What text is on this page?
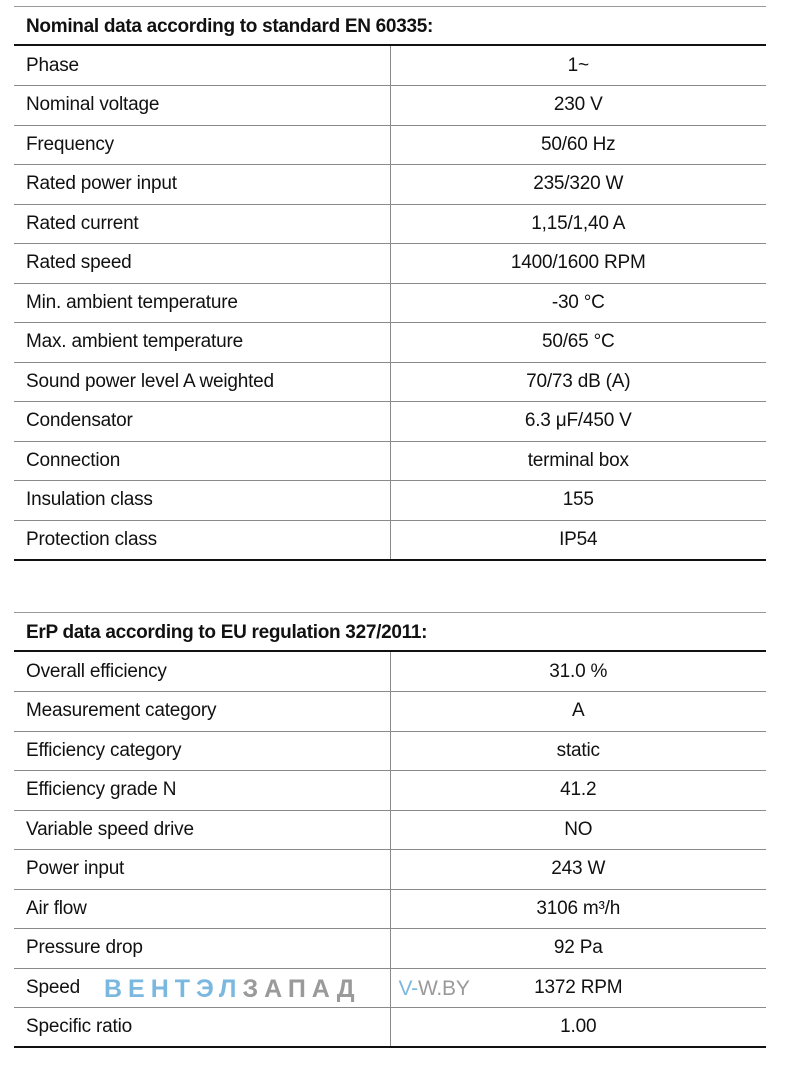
Nominal data according to standard EN 60335:
Phase	1~
Nominal voltage	230 V
Frequency	50/60 Hz
Rated power input	235/320 W
Rated current	1,15/1,40 A
Rated speed	1400/1600 RPM
Min. ambient temperature	-30 °C
Max. ambient temperature	50/65 °C
Sound power level A weighted	70/73 dB (A)
Condensator	6.3 μF/450 V
Connection	terminal box
Insulation class	155
Protection class	IP54
ErP data according to EU regulation 327/2011:
Overall efficiency	31.0 %
Measurement category	A
Efficiency category	static
Efficiency grade N	41.2
Variable speed drive	NO
Power input	243 W
Air flow	3106 m³/h
Pressure drop	92 Pa
Speed ВЕНТЭЛЗАПАД	V-W.BY 1372 RPM
Specific ratio	1.00
